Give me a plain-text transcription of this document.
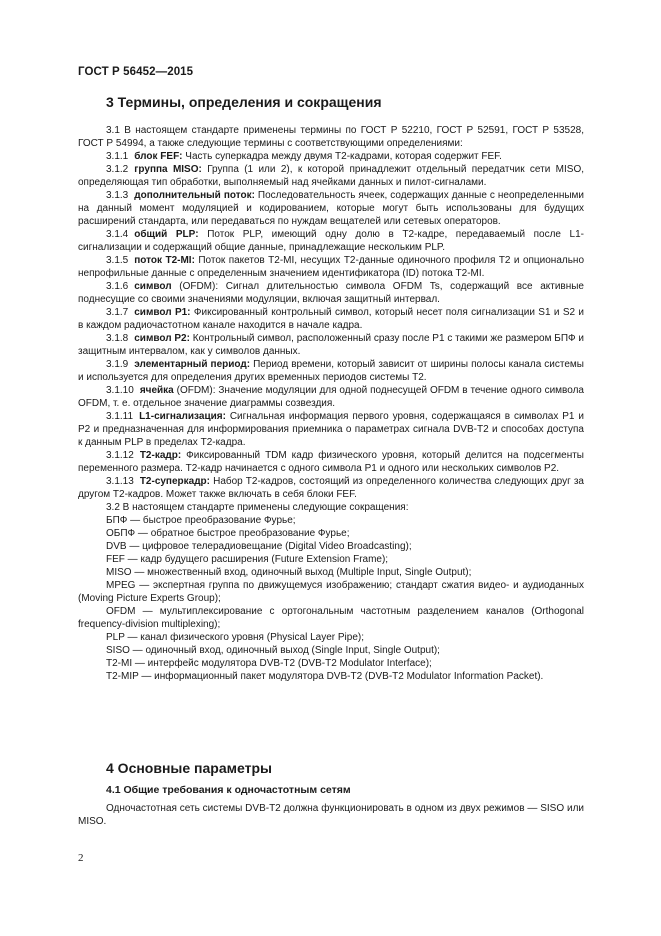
ГОСТ Р 56452—2015
3 Термины, определения и сокращения

3.1 В настоящем стандарте применены термины по ГОСТ Р 52210, ГОСТ Р 52591, ГОСТ Р 53528, ГОСТ Р 54994, а также следующие термины с соответствующими определениями:

3.1.1 блок FEF: Часть суперкадра между двумя Т2-кадрами, которая содержит FEF.

3.1.2 группа MISO: Группа (1 или 2), к которой принадлежит отдельный передатчик сети MISO, определяющая тип обработки, выполняемый над ячейками данных и пилот-сигналами.

3.1.3 дополнительный поток: Последовательность ячеек, содержащих данные с неопределенными на данный момент модуляцией и кодированием, которые могут быть использованы для будущих расширений стандарта, или передаваться по нуждам вещателей или сетевых операторов.

3.1.4 общий PLP: Поток PLP, имеющий одну долю в Т2-кадре, передаваемый после L1-сигнализации и содержащий общие данные, принадлежащие нескольким PLP.

3.1.5 поток T2-MI: Поток пакетов T2-MI, несущих T2-данные одиночного профиля T2 и опционально непрофильные данные с определенным значением идентификатора (ID) потока T2-MI.

3.1.6 символ (OFDM): Сигнал длительностью символа OFDM Ts, содержащий все активные поднесущие со своими значениями модуляции, включая защитный интервал.

3.1.7 символ P1: Фиксированный контрольный символ, который несет поля сигнализации S1 и S2 и в каждом радиочастотном канале находится в начале кадра.

3.1.8 символ P2: Контрольный символ, расположенный сразу после P1 с такими же размером БПФ и защитным интервалом, как у символов данных.

3.1.9 элементарный период: Период времени, который зависит от ширины полосы канала системы и используется для определения других временных периодов системы Т2.

3.1.10 ячейка (OFDM): Значение модуляции для одной поднесущей OFDM в течение одного символа OFDM, т. е. отдельное значение диаграммы созвездия.

3.1.11 L1-сигнализация: Сигнальная информация первого уровня, содержащаяся в символах P1 и P2 и предназначенная для информирования приемника о параметрах сигнала DVB-T2 и способах доступа к данным PLP в пределах Т2-кадра.

3.1.12 Т2-кадр: Фиксированный TDM кадр физического уровня, который делится на подсегменты переменного размера. Т2-кадр начинается с одного символа P1 и одного или нескольких символов P2.

3.1.13 Т2-суперкадр: Набор Т2-кадров, состоящий из определенного количества следующих друг за другом Т2-кадров. Может также включать в себя блоки FEF.

3.2 В настоящем стандарте применены следующие сокращения:

БПФ — быстрое преобразование Фурье;

ОБПФ — обратное быстрое преобразование Фурье;

DVB — цифровое телерадиовещание (Digital Video Broadcasting);

FEF — кадр будущего расширения (Future Extension Frame);

MISO — множественный вход, одиночный выход (Multiple Input, Single Output);

MPEG — экспертная группа по движущемуся изображению; стандарт сжатия видео- и аудиоданных (Moving Picture Experts Group);

OFDM — мультиплексирование с ортогональным частотным разделением каналов (Orthogonal frequency-division multiplexing);

PLP — канал физического уровня (Physical Layer Pipe);

SISO — одиночный вход, одиночный выход (Single Input, Single Output);

T2-MI — интерфейс модулятора DVB-T2 (DVB-T2 Modulator Interface);

T2-MIP — информационный пакет модулятора DVB-T2 (DVB-T2 Modulator Information Packet).

4 Основные параметры
4.1 Общие требования к одночастотным сетям

Одночастотная сеть системы DVB-T2 должна функционировать в одном из двух режимов — SISO или MISO.

2
